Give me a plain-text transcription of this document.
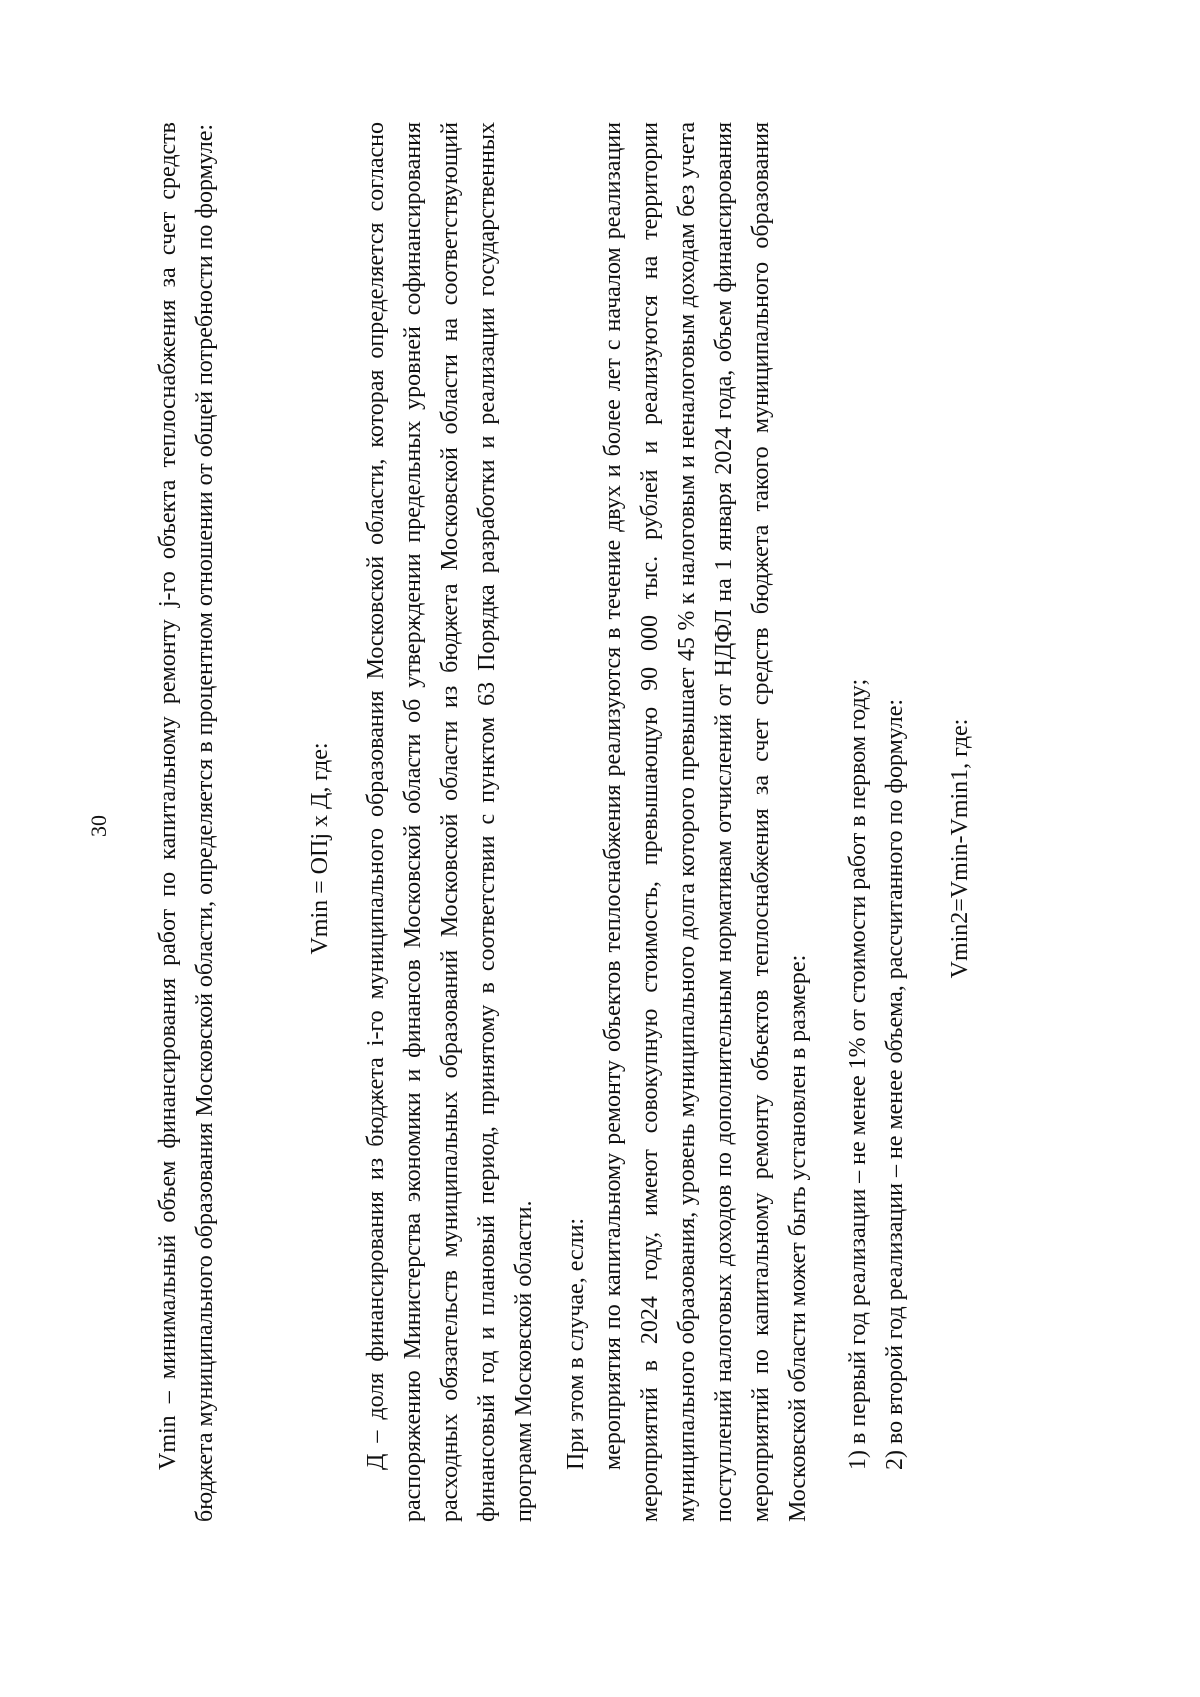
30 Vmin – минимальный объем финансирования работ по капитальному ремонту j-го объекта теплоснабжения за счет средств бюджета муниципального образования Московской области, определяется в процентном отношении от общей потребности по формуле:	Vmin = ОПj х Д, где: Д – доля финансирования из бюджета i-го муниципального образования Московской области, которая определяется согласно распоряжению Министерства экономики и финансов Московской области об утверждении предельных уровней софинансирования расходных обязательств муниципальных образований Московской области из бюджета Московской области на соответствующий финансовый год и плановый период, принятому в соответствии с пунктом 63 Порядка разработки и реализации государственных программ Московской области. При этом в случае, если: мероприятия по капитальному ремонту объектов теплоснабжения реализуются в течение двух и более лет с началом реализации мероприятий в 2024 году, имеют совокупную стоимость, превышающую 90 000 тыс. рублей и реализуются на территории муниципального образования, уровень муниципального долга которого превышает 45 % к налоговым и неналоговым доходам без учета поступлений налоговых доходов по дополнительным нормативам отчислений от НДФЛ на 1 января 2024 года, объем финансирования мероприятий по капитальному ремонту объектов теплоснабжения за счет средств бюджета такого муниципального образования Московской области может быть установлен в размере: 1) в первый год реализации – не менее 1% от стоимости работ в первом году; 2) во второй год реализации – не менее объема, рассчитанного по формуле: Vmin2=Vmin-Vmin1, где:
